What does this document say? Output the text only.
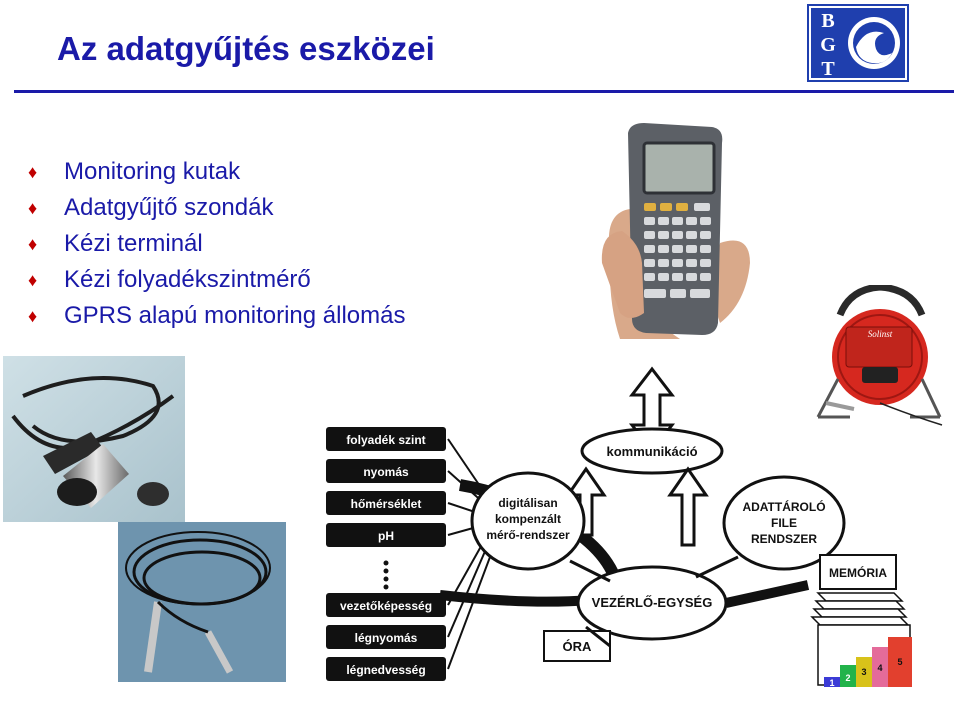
Az adatgyűjtés eszközei
B
G
T
♦	Monitoring kutak
♦	Adatgyűjtő szondák
♦	Kézi terminál
♦	Kézi folyadékszintmérő
♦	GPRS alapú monitoring állomás
Solinst
folyadék szint
nyomás
hőmérséklet
pH
vezetőképesség
légnyomás
légnedvesség
kommunikáció
digitálisan
kompenzált
mérő-rendszer
ADATTÁROLÓ
FILE
RENDSZER
VEZÉRLŐ-EGYSÉG
ÓRA
MEMÓRIA
1 2
3 4
5
